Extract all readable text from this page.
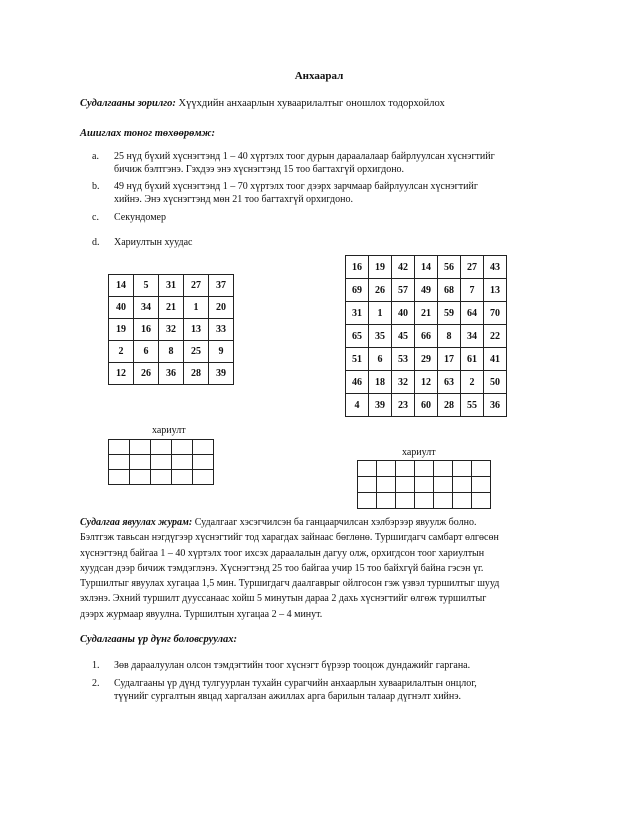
Анхаарал
Судалгааны зорилго: Хүүхдийн анхаарлын хуваарилалтыг оношлох тодорхойлох
Ашиглах тоног төхөөрөмж:
a. 25 нүд бүхий хүснэгтэнд 1 – 40 хүртэлх тоог дурын дараалалаар байрлуулсан хүснэгтийг
бичиж бэлтгэнэ. Гэхдээ энэ хүснэгтэнд 15 тоо багтахгүй орхигдоно.
b. 49 нүд бүхий хүснэгтэнд 1 – 70 хүртэлх тоог дээрх зарчмаар байрлуулсан хүснэгтийг
хийнэ. Энэ хүснэгтэнд мөн 21 тоо багтахгүй орхигдоно.
c. Секундомер
d. Хариултын хуудас
14	5	31	27	37
40	34	21	1	20
19	16	32	13	33
2	6	8	25	9
12	26	36	28	39
16	19	42	14	56	27	43
69	26	57	49	68	7	13
31	1	40	21	59	64	70
65	35	45	66	8	34	22
51	6	53	29	17	61	41
46	18	32	12	63	2	50
4	39	23	60	28	55	36
хариулт

хариулт

Судалгаа явуулах журам: Судалгааг хэсэгчилсэн ба ганцаарчилсан хэлбэрээр явуулж болно.
Бэлтгэж тавьсан нэгдүгээр хүснэгтийг тод харагдах зайнаас бөглөнө. Туршигдагч самбарт өлгөсөн
хүснэгтэнд байгаа 1 – 40 хүртэлх тоог ихсэх дараалалын дагуу олж, орхигдсон тоог хариултын
хуудсан дээр бичиж тэмдэглэнэ. Хүснэгтэнд 25 тоо байгаа учир 15 тоо байхгүй байна гэсэн үг.
Туршилтыг явуулах хугацаа 1,5 мин. Туршигдагч даалгаврыг ойлгосон гэж үзвэл туршилтыг шууд
эхлэнэ. Эхний туршилт дууссанаас хойш 5 минутын дараа 2 дахь хүснэгтийг өлгөж туршилтыг
дээрх журмаар явуулна. Туршилтын хугацаа 2 – 4 минут.
Судалгааны үр дүнг боловсруулах:
1. Зөв дараалуулан олсон тэмдэгтийн тоог хүснэгт бүрээр тооцож дундажийг гаргана.
2. Судалгааны үр дүнд тулгуурлан тухайн сурагчийн анхаарлын хуваарилалтын онцлог,
түүнийг сургалтын явцад харгалзан ажиллах арга барилын талаар дүгнэлт хийнэ.
